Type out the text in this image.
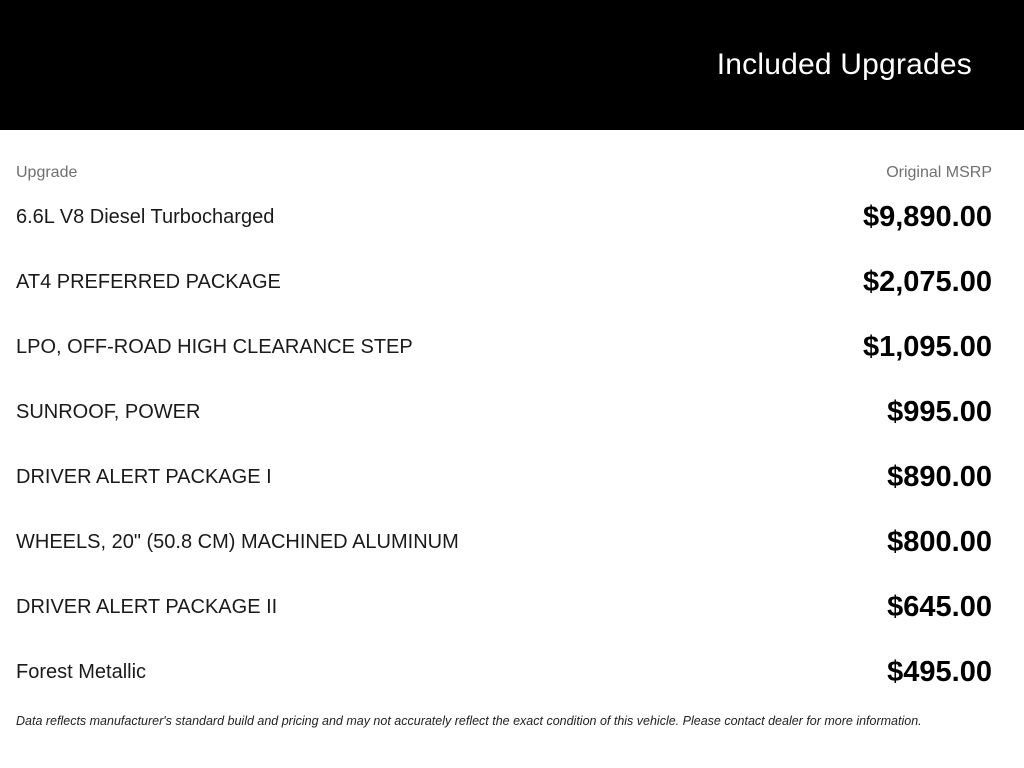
Included Upgrades
Upgrade	Original MSRP
6.6L V8 Diesel Turbocharged	$9,890.00
AT4 PREFERRED PACKAGE	$2,075.00
LPO, OFF-ROAD HIGH CLEARANCE STEP	$1,095.00
SUNROOF, POWER	$995.00
DRIVER ALERT PACKAGE I	$890.00
WHEELS, 20" (50.8 CM) MACHINED ALUMINUM	$800.00
DRIVER ALERT PACKAGE II	$645.00
Forest Metallic	$495.00
Data reflects manufacturer's standard build and pricing and may not accurately reflect the exact condition of this vehicle. Please contact dealer for more information.
